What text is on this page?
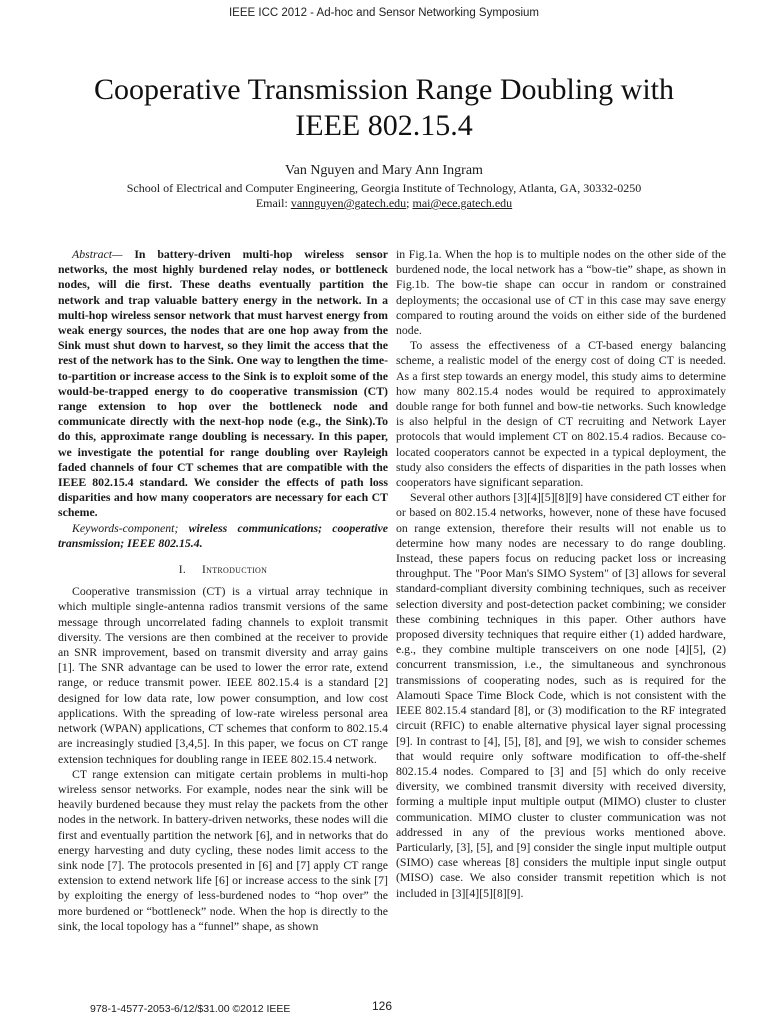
IEEE ICC 2012 - Ad-hoc and Sensor Networking Symposium
Cooperative Transmission Range Doubling with
IEEE 802.15.4
Van Nguyen and Mary Ann Ingram
School of Electrical and Computer Engineering, Georgia Institute of Technology, Atlanta, GA, 30332-0250
Email: vannguyen@gatech.edu; mai@ece.gatech.edu

Abstract— In battery-driven multi-hop wireless sensor networks, the most highly burdened relay nodes, or bottleneck nodes, will die first. These deaths eventually partition the network and trap valuable battery energy in the network. In a multi-hop wireless sensor network that must harvest energy from weak energy sources, the nodes that are one hop away from the Sink must shut down to harvest, so they limit the access that the rest of the network has to the Sink. One way to lengthen the time-to-partition or increase access to the Sink is to exploit some of the would-be-trapped energy to do cooperative transmission (CT) range extension to hop over the bottleneck node and communicate directly with the next-hop node (e.g., the Sink).To do this, approximate range doubling is necessary. In this paper, we investigate the potential for range doubling over Rayleigh faded channels of four CT schemes that are compatible with the IEEE 802.15.4 standard. We consider the effects of path loss disparities and how many cooperators are necessary for each CT scheme.

Keywords-component; wireless communications; cooperative transmission; IEEE 802.15.4.

I. Introduction

Cooperative transmission (CT) is a virtual array technique in which multiple single-antenna radios transmit versions of the same message through uncorrelated fading channels to exploit transmit diversity. The versions are then combined at the receiver to provide an SNR improvement, based on transmit diversity and array gains [1]. The SNR advantage can be used to lower the error rate, extend range, or reduce transmit power. IEEE 802.15.4 is a standard [2] designed for low data rate, low power consumption, and low cost applications. With the spreading of low-rate wireless personal area network (WPAN) applications, CT schemes that conform to 802.15.4 are increasingly studied [3,4,5]. In this paper, we focus on CT range extension techniques for doubling range in IEEE 802.15.4 network.

CT range extension can mitigate certain problems in multi-hop wireless sensor networks. For example, nodes near the sink will be heavily burdened because they must relay the packets from the other nodes in the network. In battery-driven networks, these nodes will die first and eventually partition the network [6], and in networks that do energy harvesting and duty cycling, these nodes limit access to the sink node [7]. The protocols presented in [6] and [7] apply CT range extension to extend network life [6] or increase access to the sink [7] by exploiting the energy of less-burdened nodes to “hop over” the more burdened or “bottleneck” node. When the hop is directly to the sink, the local topology has a “funnel” shape, as shown

in Fig.1a. When the hop is to multiple nodes on the other side of the burdened node, the local network has a “bow-tie” shape, as shown in Fig.1b. The bow-tie shape can occur in random or constrained deployments; the occasional use of CT in this case may save energy compared to routing around the voids on either side of the burdened node.

To assess the effectiveness of a CT-based energy balancing scheme, a realistic model of the energy cost of doing CT is needed. As a first step towards an energy model, this study aims to determine how many 802.15.4 nodes would be required to approximately double range for both funnel and bow-tie networks. Such knowledge is also helpful in the design of CT recruiting and Network Layer protocols that would implement CT on 802.15.4 radios. Because co-located cooperators cannot be expected in a typical deployment, the study also considers the effects of disparities in the path losses when cooperators have significant separation.

Several other authors [3][4][5][8][9] have considered CT either for or based on 802.15.4 networks, however, none of these have focused on range extension, therefore their results will not enable us to determine how many nodes are necessary to do range doubling. Instead, these papers focus on reducing packet loss or increasing throughput. The "Poor Man's SIMO System" of [3] allows for several standard-compliant diversity combining techniques, such as receiver selection diversity and post-detection packet combining; we consider these combining techniques in this paper. Other authors have proposed diversity techniques that require either (1) added hardware, e.g., they combine multiple transceivers on one node [4][5], (2) concurrent transmission, i.e., the simultaneous and synchronous transmissions of cooperating nodes, such as is required for the Alamouti Space Time Block Code, which is not consistent with the IEEE 802.15.4 standard [8], or (3) modification to the RF integrated circuit (RFIC) to enable alternative physical layer signal processing [9]. In contrast to [4], [5], [8], and [9], we wish to consider schemes that would require only software modification to off-the-shelf 802.15.4 nodes. Compared to [3] and [5] which do only receive diversity, we combined transmit diversity with received diversity, forming a multiple input multiple output (MIMO) cluster to cluster communication. MIMO cluster to cluster communication was not addressed in any of the previous works mentioned above. Particularly, [3], [5], and [9] consider the single input multiple output (SIMO) case whereas [8] considers the multiple input single output (MISO) case. We also consider transmit repetition which is not included in [3][4][5][8][9].

978-1-4577-2053-6/12/$31.00 ©2012 IEEE	126
